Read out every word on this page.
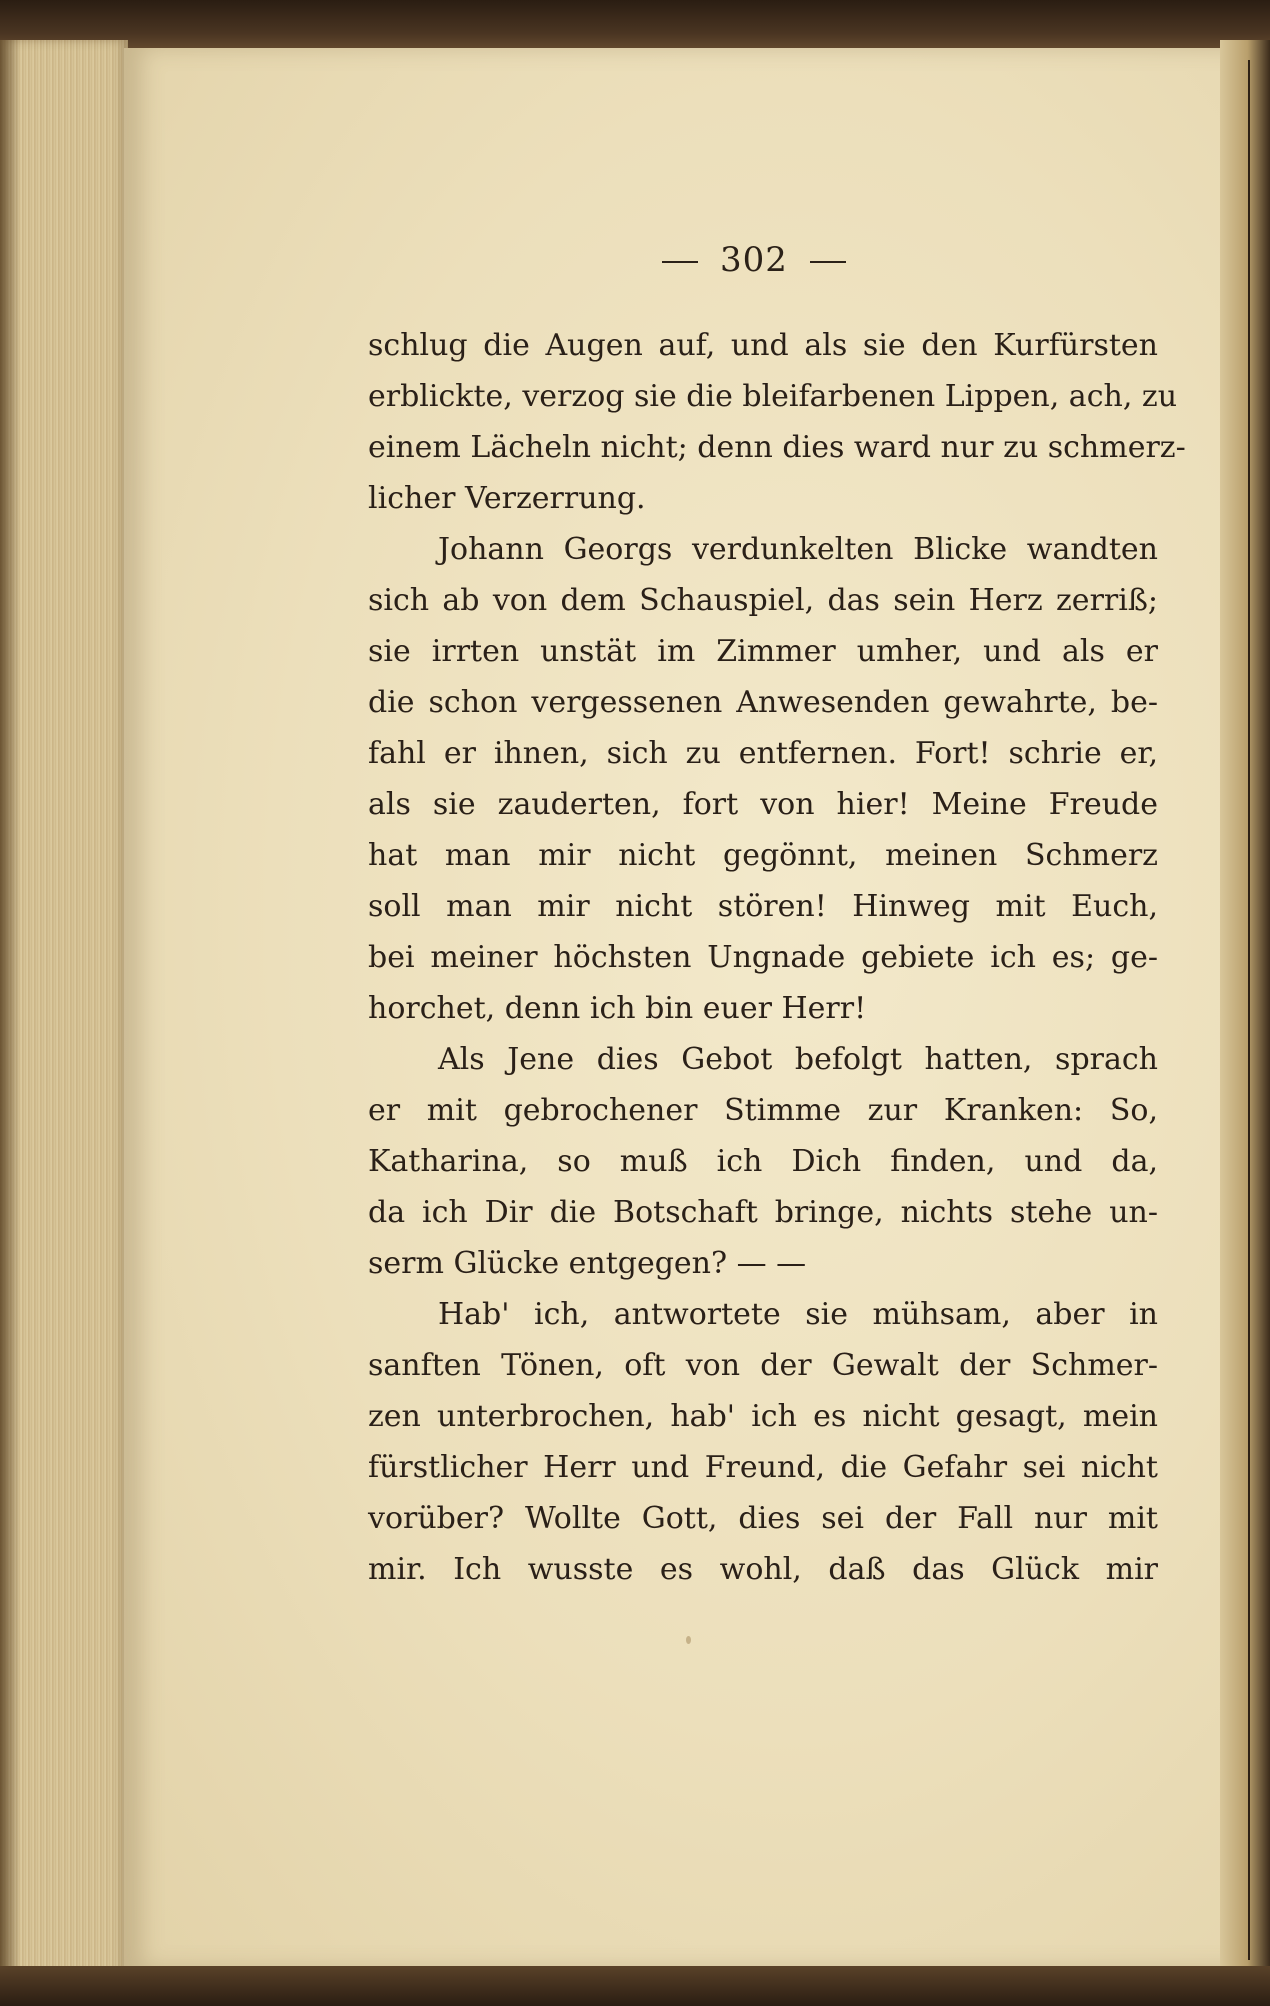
302
schlug die Augen auf, und als sie den Kurfürsten
erblickte, verzog sie die bleifarbenen Lippen, ach, zu
einem Lächeln nicht; denn dies ward nur zu schmerz-
licher Verzerrung.
Johann Georgs verdunkelten Blicke wandten
sich ab von dem Schauspiel, das sein Herz zerriß;
sie irrten unstät im Zimmer umher, und als er
die schon vergessenen Anwesenden gewahrte, be-
fahl er ihnen, sich zu entfernen. Fort! schrie er,
als sie zauderten, fort von hier! Meine Freude
hat man mir nicht gegönnt, meinen Schmerz
soll man mir nicht stören! Hinweg mit Euch,
bei meiner höchsten Ungnade gebiete ich es; ge-
horchet, denn ich bin euer Herr!
Als Jene dies Gebot befolgt hatten, sprach
er mit gebrochener Stimme zur Kranken: So,
Katharina, so muß ich Dich finden, und da,
da ich Dir die Botschaft bringe, nichts stehe un-
serm Glücke entgegen? — —
Hab' ich, antwortete sie mühsam, aber in
sanften Tönen, oft von der Gewalt der Schmer-
zen unterbrochen, hab' ich es nicht gesagt, mein
fürstlicher Herr und Freund, die Gefahr sei nicht
vorüber? Wollte Gott, dies sei der Fall nur mit
mir. Ich wusste es wohl, daß das Glück mir
